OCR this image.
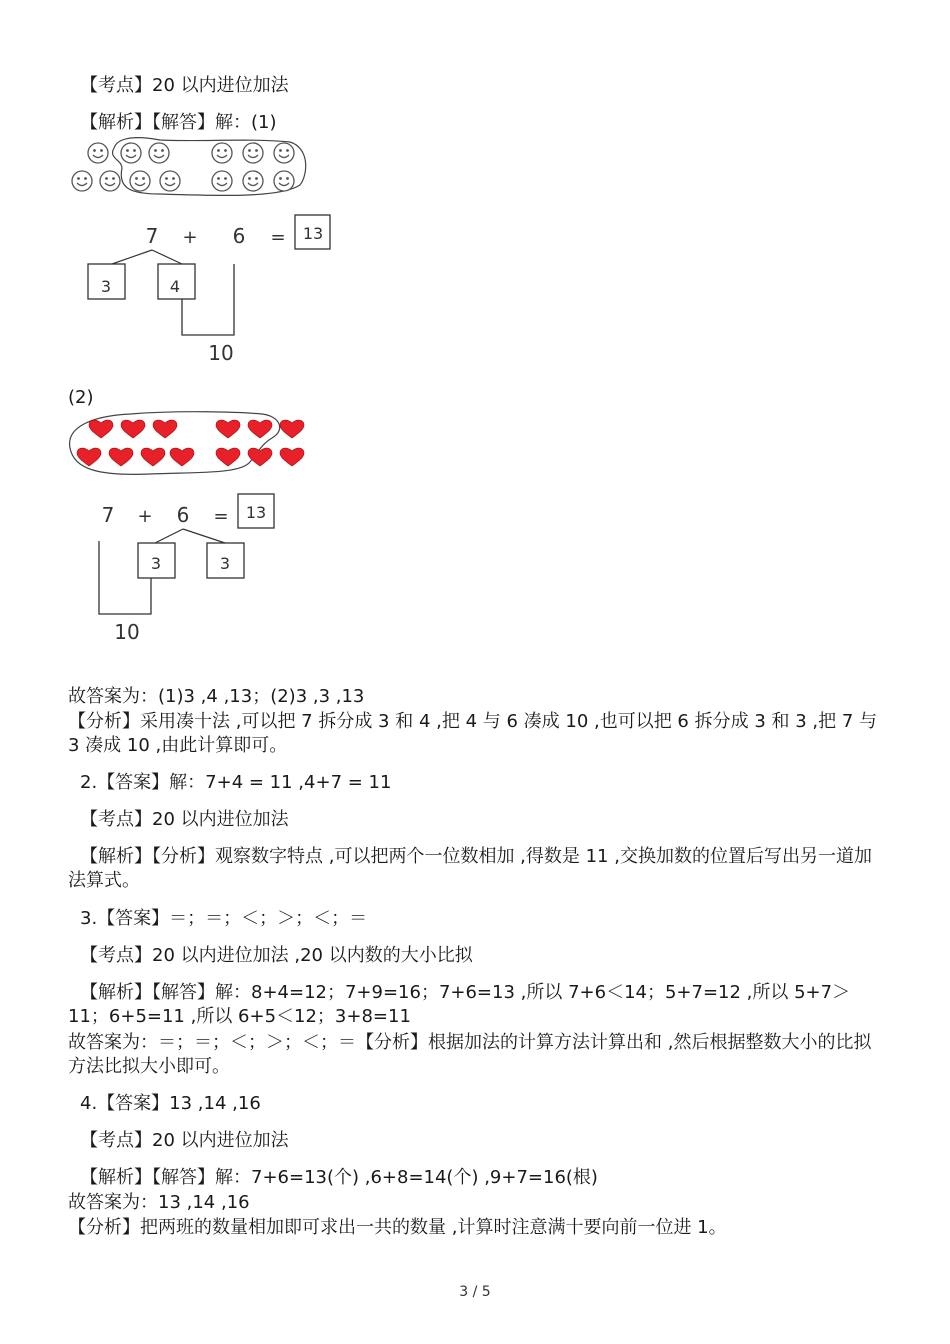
【考点】20 以内进位加法
【解析】【解答】解：(1)
7 + 6 = 13
3	4
10
7 + 6 = 13
3	3
10
(2)
故答案为：(1)3 ,4 ,13；(2)3 ,3 ,13
【分析】采用凑十法 ,可以把 7 拆分成 3 和 4 ,把 4 与 6 凑成 10 ,也可以把 6 拆分成 3 和 3 ,把 7 与 3 凑成 10 ,由此计算即可。
2.【答案】解：7+4 = 11 ,4+7 = 11
【考点】20 以内进位加法
【解析】【分析】观察数字特点 ,可以把两个一位数相加 ,得数是 11 ,交换加数的位置后写出另一道加法算式。
3.【答案】＝；＝；＜；＞；＜；＝
【考点】20 以内进位加法 ,20 以内数的大小比拟
【解析】【解答】解：8+4=12；7+9=16；7+6=13 ,所以 7+6＜14；5+7=12 ,所以 5+7＞11；6+5=11 ,所以 6+5＜12；3+8=11
故答案为：＝；＝；＜；＞；＜；＝【分析】根据加法的计算方法计算出和 ,然后根据整数大小的比拟方法比拟大小即可。
4.【答案】13 ,14 ,16
【考点】20 以内进位加法
【解析】【解答】解：7+6=13(个) ,6+8=14(个) ,9+7=16(根)
故答案为：13 ,14 ,16
【分析】把两班的数量相加即可求出一共的数量 ,计算时注意满十要向前一位进 1。
3 / 5
